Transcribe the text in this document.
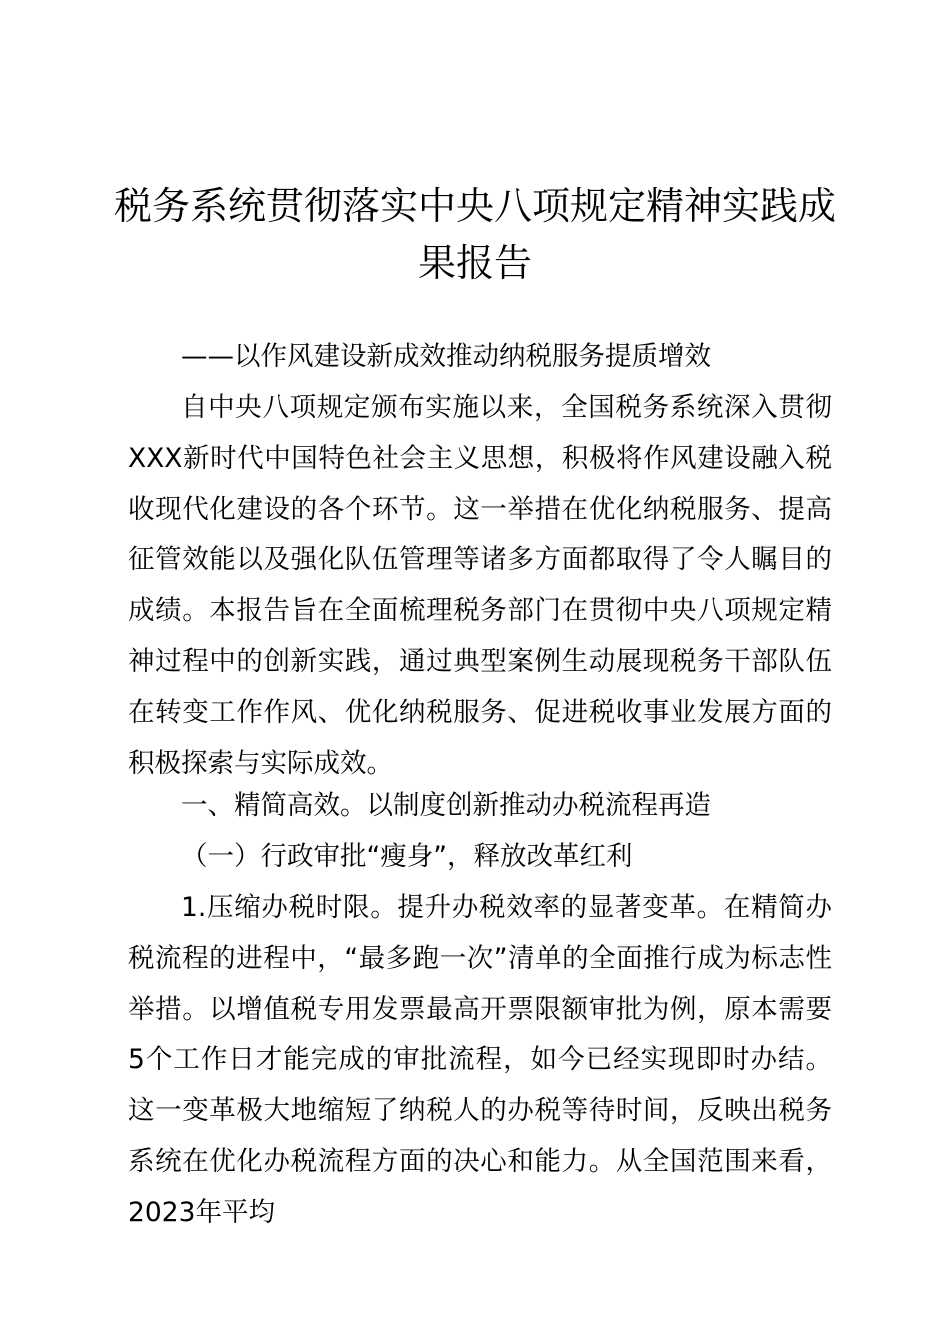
税务系统贯彻落实中央八项规定精神实践成果报告

——以作风建设新成效推动纳税服务提质增效

自中央八项规定颁布实施以来，全国税务系统深入贯彻XXX新时代中国特色社会主义思想，积极将作风建设融入税收现代化建设的各个环节。这一举措在优化纳税服务、提高征管效能以及强化队伍管理等诸多方面都取得了令人瞩目的成绩。本报告旨在全面梳理税务部门在贯彻中央八项规定精神过程中的创新实践，通过典型案例生动展现税务干部队伍在转变工作作风、优化纳税服务、促进税收事业发展方面的积极探索与实际成效。

一、精简高效。以制度创新推动办税流程再造

（一）行政审批“瘦身”，释放改革红利

1.压缩办税时限。提升办税效率的显著变革。在精简办税流程的进程中，“最多跑一次”清单的全面推行成为标志性举措。以增值税专用发票最高开票限额审批为例，原本需要5个工作日才能完成的审批流程，如今已经实现即时办结。这一变革极大地缩短了纳税人的办税等待时间，反映出税务系统在优化办税流程方面的决心和能力。从全国范围来看，2023年平均
